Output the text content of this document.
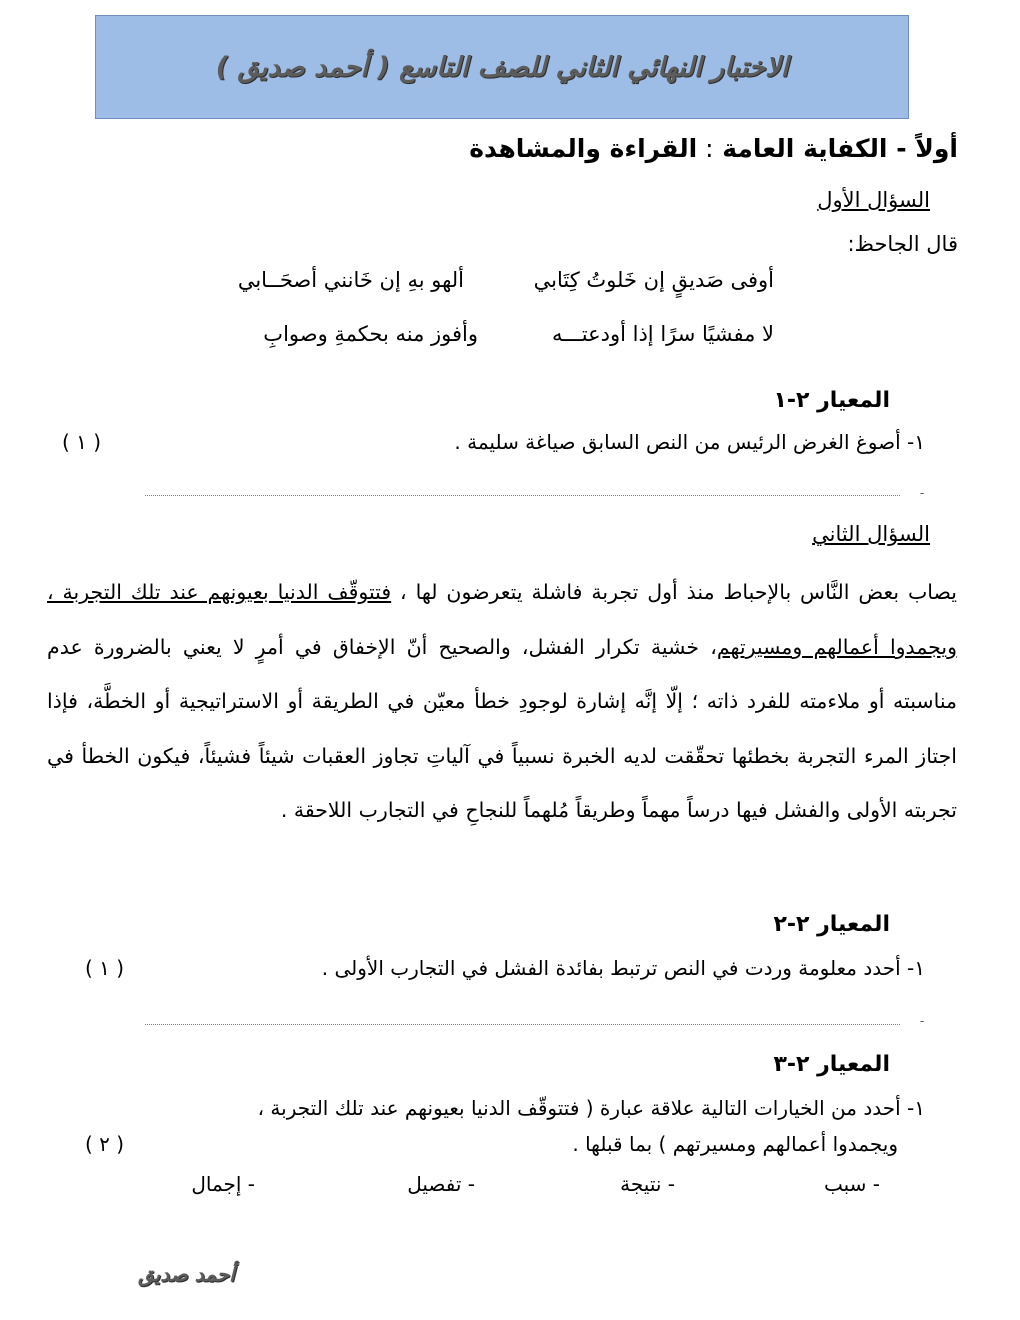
الاختبار النهائي الثاني للصف التاسع ( أحمد صديق )
أولاً - الكفاية العامة : القراءة والمشاهدة
السؤال الأول
قال الجاحظ:
أوفى صَديقٍ إن خَلوتُ كِتَابي
ألهو بهِ إن خَانني أصحَــابي
لا مفشيًا سرًا إذا أودعتـــه
وأفوز منه بحكمةِ وصوابِ
المعيار ٢-١
١- أصوغ الغرض الرئيس من النص السابق صياغة سليمة .
( ١ )
-
السؤال الثاني
يصاب بعض النَّاس بالإحباط منذ أول تجربة فاشلة يتعرضون لها ، فتتوقّف الدنيا بعيونهم عند تلك التجربة ، ويجمدوا أعمالهم ومسيرتهم، خشية تكرار الفشل، والصحيح أنّ الإخفاق في أمرٍ لا يعني بالضرورة عدم مناسبته أو ملاءمته للفرد ذاته ؛ إلّا إنَّه إشارة لوجودِ خطأ معيّن في الطريقة أو الاستراتيجية أو الخطَّة، فإذا اجتاز المرء التجربة بخطئها تحقّقت لديه الخبرة نسبياً في آلياتِ تجاوز العقبات شيئاً فشيئاً، فيكون الخطأ في تجربته الأولى والفشل فيها درساً مهماً وطريقاً مُلهماً للنجاحِ في التجارب اللاحقة .
المعيار ٢-٢
١- أحدد معلومة وردت في النص ترتبط بفائدة الفشل في التجارب الأولى .
( ١ )
-
المعيار ٢-٣
١- أحدد من الخيارات التالية علاقة عبارة ( فتتوقّف الدنيا بعيونهم عند تلك التجربة ،
ويجمدوا أعمالهم ومسيرتهم ) بما قبلها .
( ٢ )
- سبب
- نتيجة
- تفصيل
- إجمال
أحمد صديق
